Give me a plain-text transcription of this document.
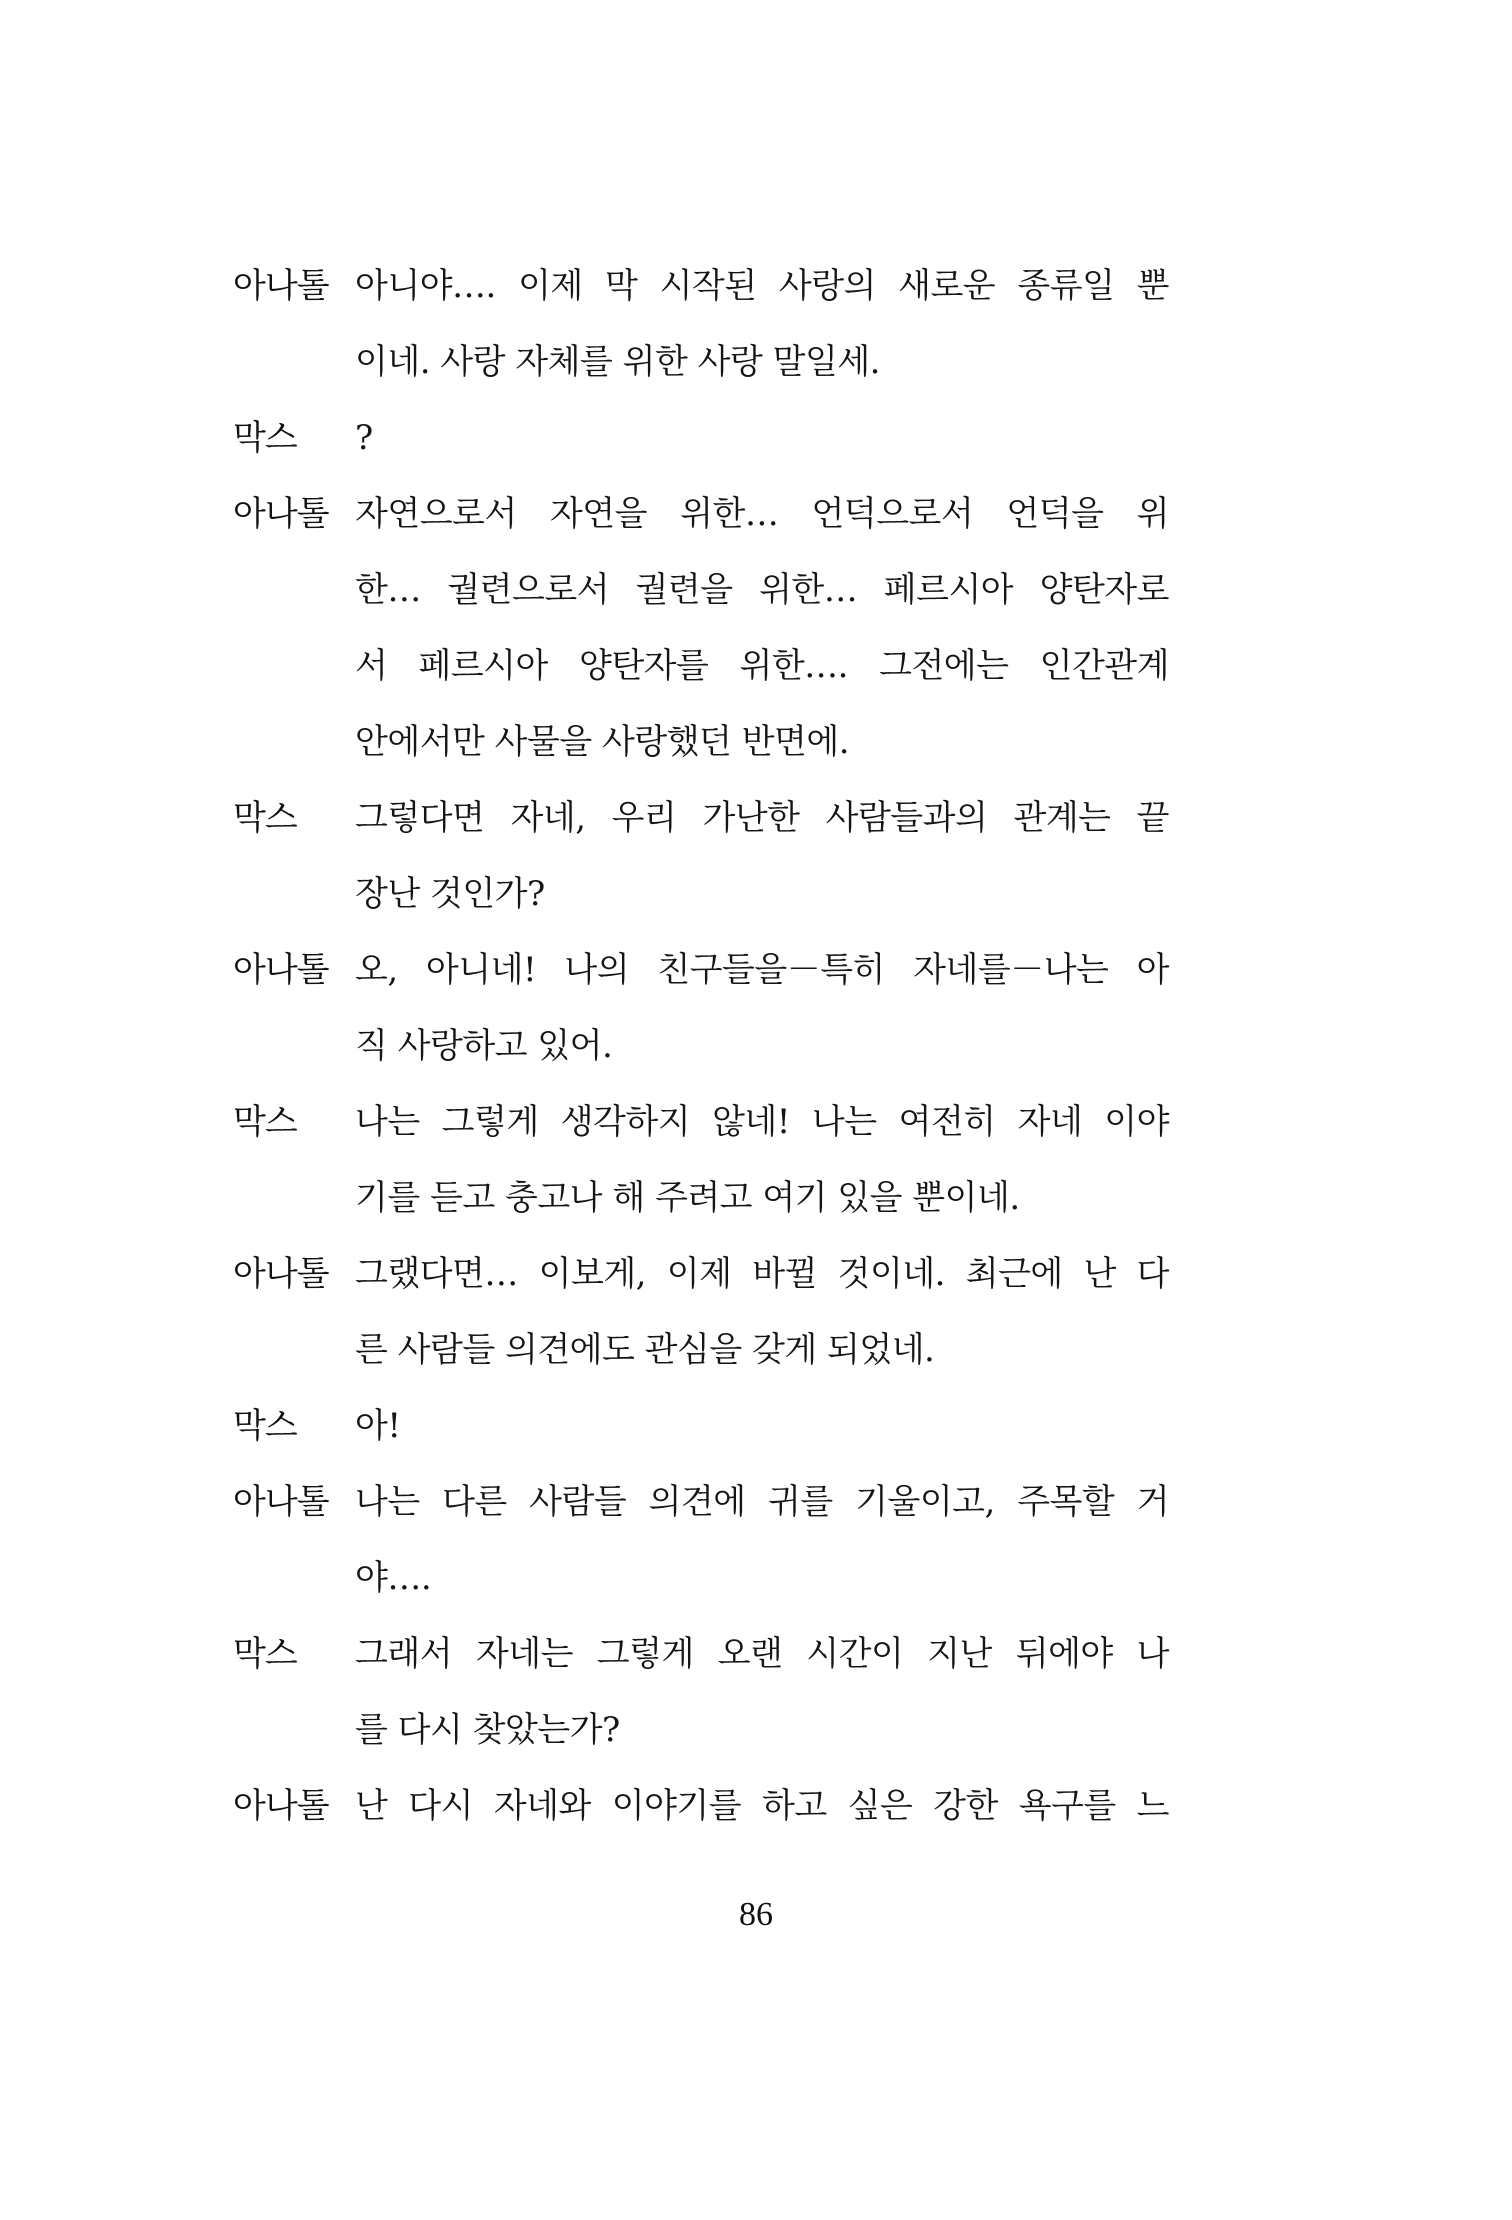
아나톨 아니야…. 이제 막 시작된 사랑의 새로운 종류일 뿐
이네. 사랑 자체를 위한 사랑 말일세.
막스	?
아나톨 자연으로서 자연을 위한… 언덕으로서 언덕을 위
한… 궐련으로서 궐련을 위한… 페르시아 양탄자로
서 페르시아 양탄자를 위한…. 그전에는 인간관계
안에서만 사물을 사랑했던 반면에.
막스	그렇다면 자네, 우리 가난한 사람들과의 관계는 끝
장난 것인가?
아나톨 오, 아니네! 나의 친구들을－특히 자네를－나는 아
직 사랑하고 있어.
막스	나는 그렇게 생각하지 않네! 나는 여전히 자네 이야
기를 듣고 충고나 해 주려고 여기 있을 뿐이네.
아나톨 그랬다면… 이보게, 이제 바뀔 것이네. 최근에 난 다
른 사람들 의견에도 관심을 갖게 되었네.
막스	아!
아나톨 나는 다른 사람들 의견에 귀를 기울이고, 주목할 거
야….
막스	그래서 자네는 그렇게 오랜 시간이 지난 뒤에야 나
를 다시 찾았는가?
아나톨 난 다시 자네와 이야기를 하고 싶은 강한 욕구를 느
86
